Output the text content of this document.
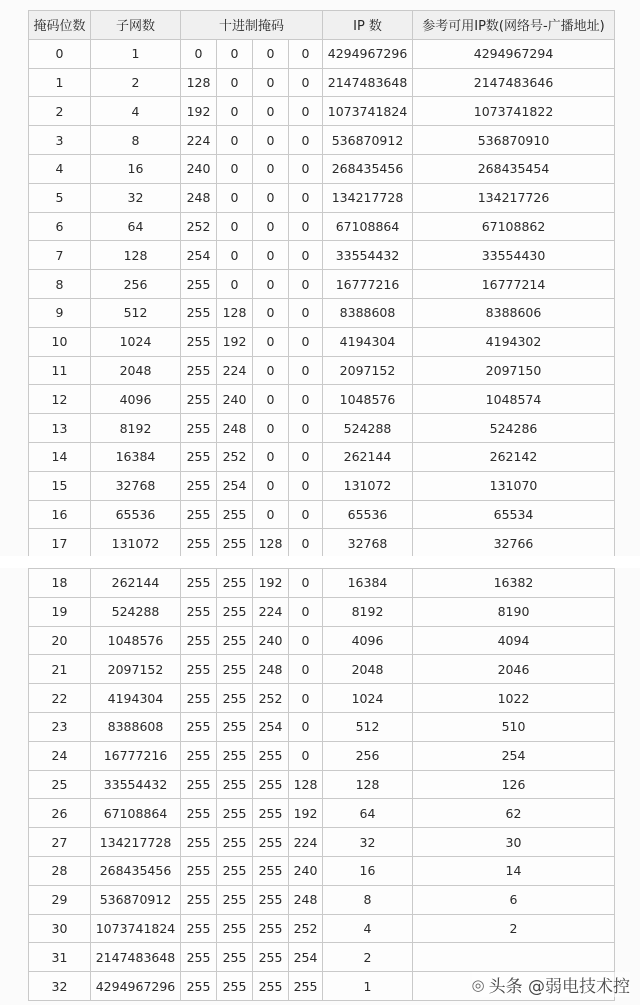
掩码位数	子网数	十进制掩码				IP 数	参考可用IP数(网络号-广播地址)
0	1	0	0	0	0	4294967296	4294967294
1	2	128	0	0	0	2147483648	2147483646
2	4	192	0	0	0	1073741824	1073741822
3	8	224	0	0	0	536870912	536870910
4	16	240	0	0	0	268435456	268435454
5	32	248	0	0	0	134217728	134217726
6	64	252	0	0	0	67108864	67108862
7	128	254	0	0	0	33554432	33554430
8	256	255	0	0	0	16777216	16777214
9	512	255	128	0	0	8388608	8388606
10	1024	255	192	0	0	4194304	4194302
11	2048	255	224	0	0	2097152	2097150
12	4096	255	240	0	0	1048576	1048574
13	8192	255	248	0	0	524288	524286
14	16384	255	252	0	0	262144	262142
15	32768	255	254	0	0	131072	131070
16	65536	255	255	0	0	65536	65534
17	131072	255	255	128	0	32768	32766
18	262144	255	255	192	0	16384	16382
19	524288	255	255	224	0	8192	8190
20	1048576	255	255	240	0	4096	4094
21	2097152	255	255	248	0	2048	2046
22	4194304	255	255	252	0	1024	1022
23	8388608	255	255	254	0	512	510
24	16777216	255	255	255	0	256	254
25	33554432	255	255	255	128	128	126
26	67108864	255	255	255	192	64	62
27	134217728	255	255	255	224	32	30
28	268435456	255	255	255	240	16	14
29	536870912	255	255	255	248	8	6
30	1073741824	255	255	255	252	4	2
31	2147483648	255	255	255	254	2	
32	4294967296	255	255	255	255	1		◎ 头条 @弱电技术控
